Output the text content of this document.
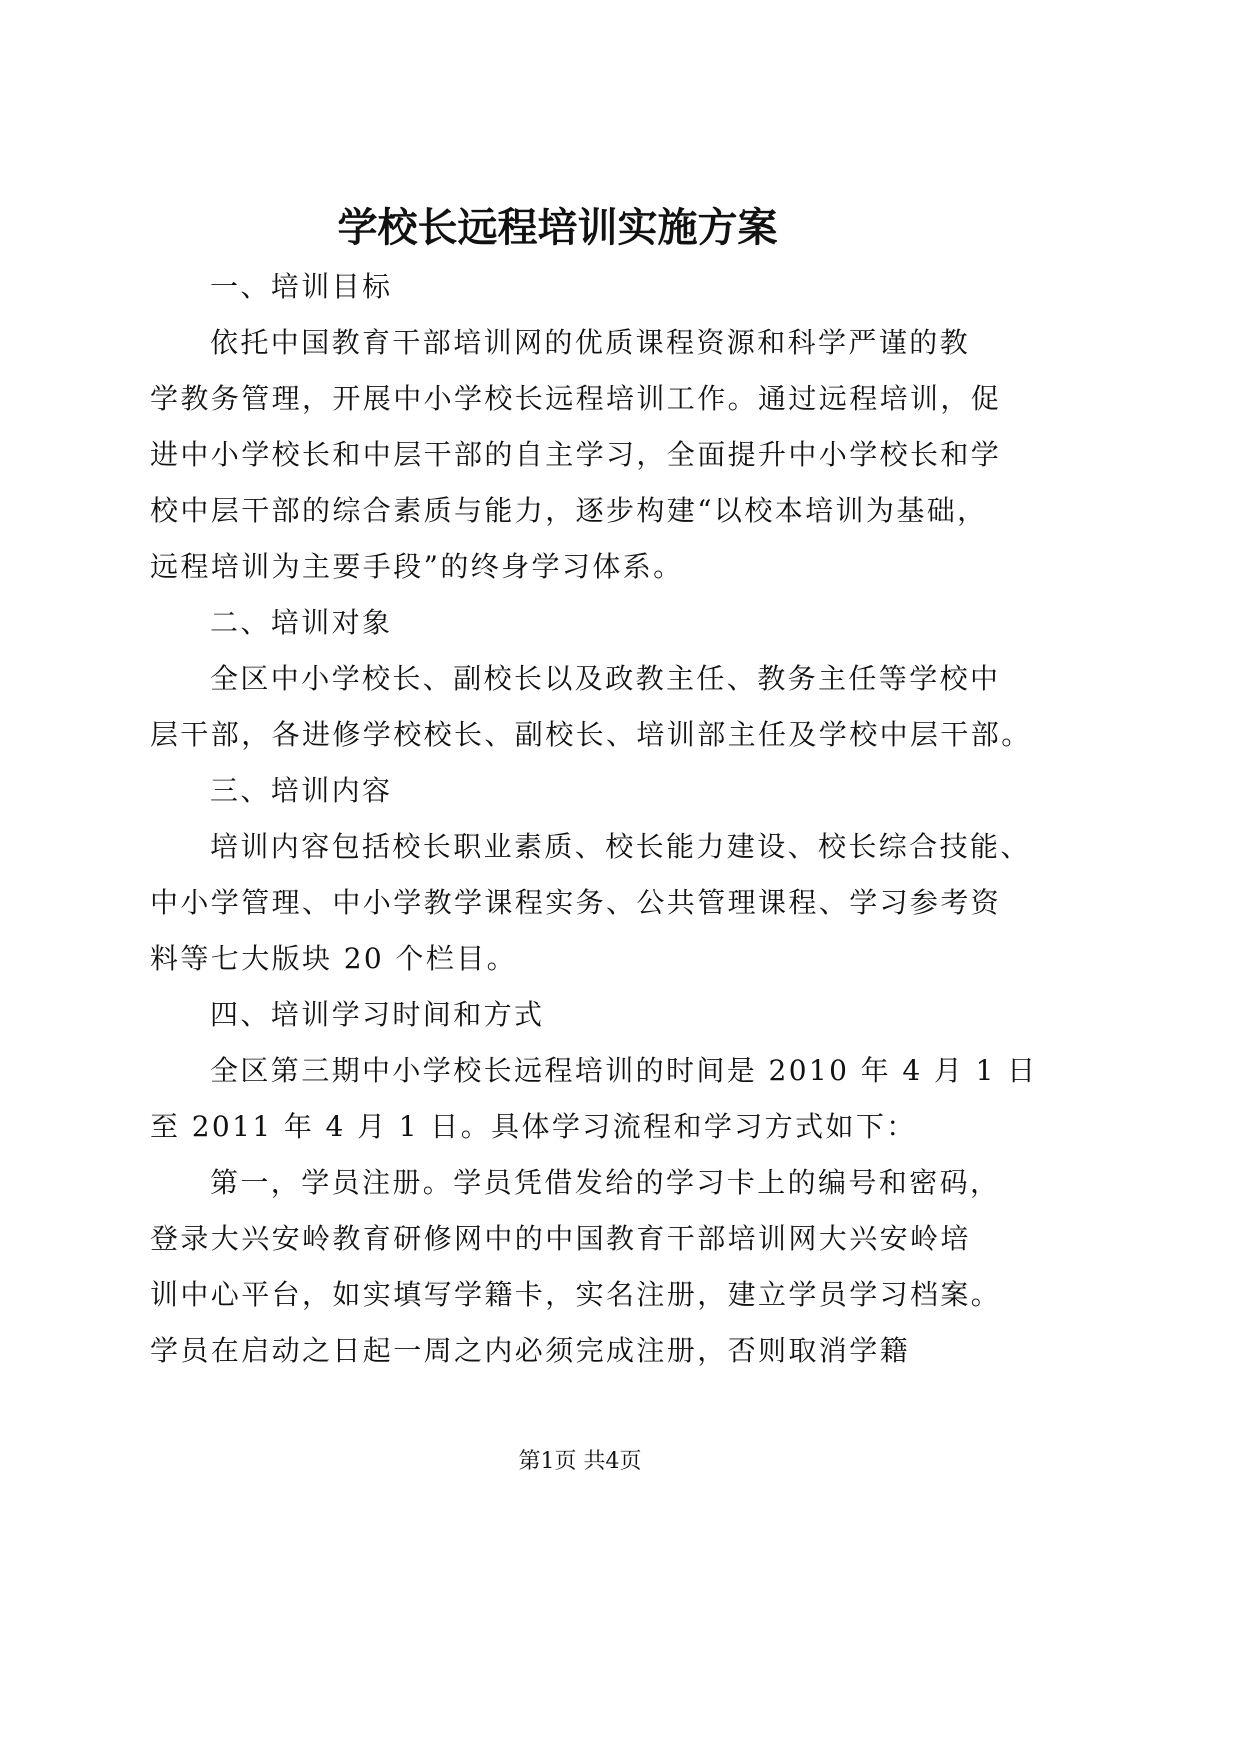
学校长远程培训实施方案
一、培训目标
依托中国教育干部培训网的优质课程资源和科学严谨的教
学教务管理，开展中小学校长远程培训工作。通过远程培训，促
进中小学校长和中层干部的自主学习，全面提升中小学校长和学
校中层干部的综合素质与能力，逐步构建“以校本培训为基础，
远程培训为主要手段”的终身学习体系。
二、培训对象
全区中小学校长、副校长以及政教主任、教务主任等学校中
层干部，各进修学校校长、副校长、培训部主任及学校中层干部。
三、培训内容
培训内容包括校长职业素质、校长能力建设、校长综合技能、
中小学管理、中小学教学课程实务、公共管理课程、学习参考资
料等七大版块 20 个栏目。
四、培训学习时间和方式
全区第三期中小学校长远程培训的时间是 2010 年 4 月 1 日
至 2011 年 4 月 1 日。具体学习流程和学习方式如下：
第一，学员注册。学员凭借发给的学习卡上的编号和密码，
登录大兴安岭教育研修网中的中国教育干部培训网大兴安岭培
训中心平台，如实填写学籍卡，实名注册，建立学员学习档案。
学员在启动之日起一周之内必须完成注册，否则取消学籍
第1页 共4页
